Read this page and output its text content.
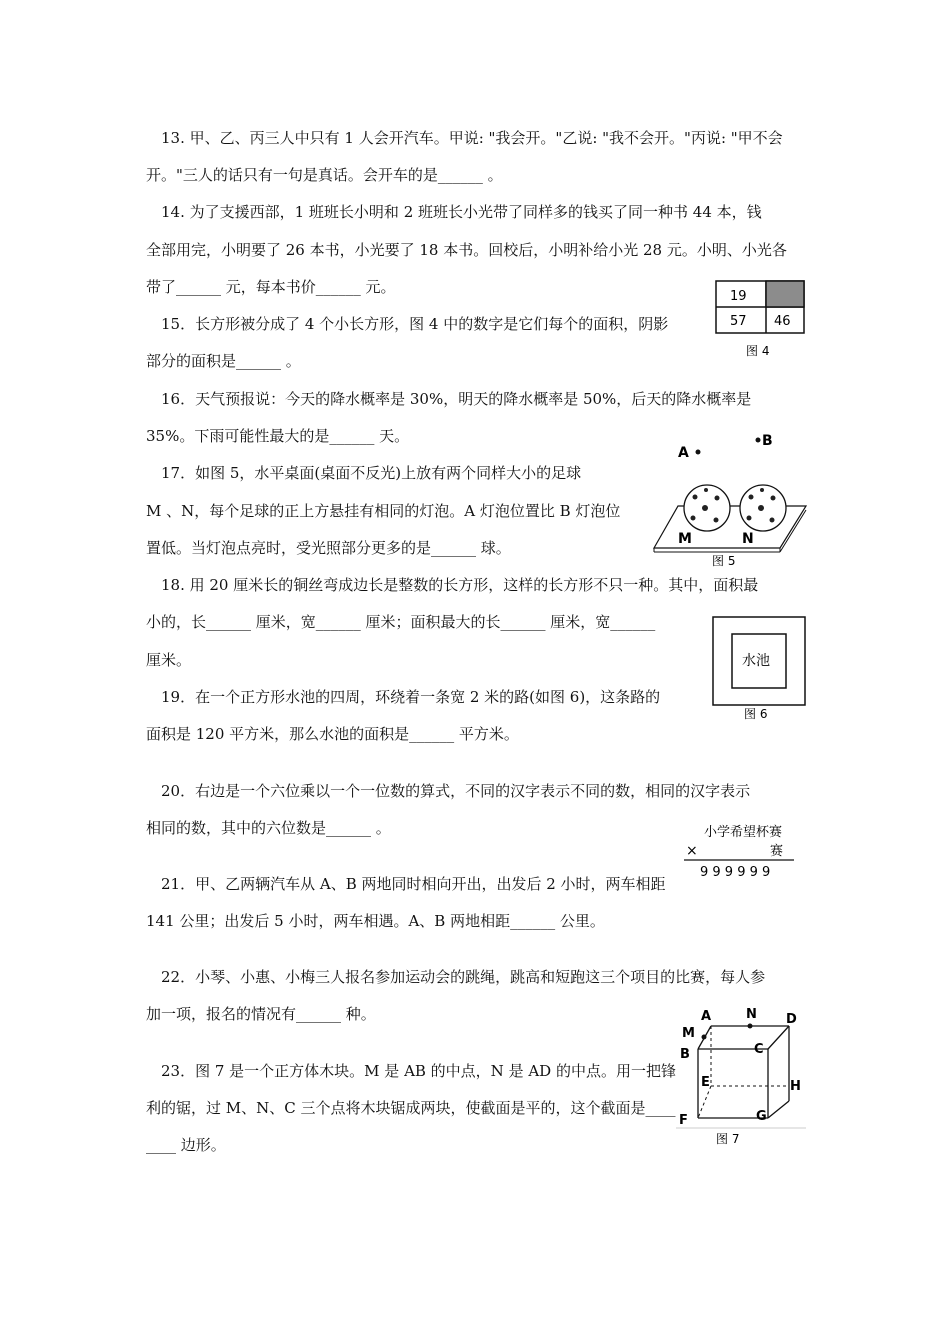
　13. 甲、乙、丙三人中只有 1 人会开汽车。甲说: "我会开。"乙说: "我不会开。"丙说: "甲不会
开。"三人的话只有一句是真话。会开车的是______ 。
　14. 为了支援西部，1 班班长小明和 2 班班长小光带了同样多的钱买了同一种书 44 本，钱
全部用完，小明要了 26 本书，小光要了 18 本书。回校后，小明补给小光 28 元。小明、小光各
带了______ 元，每本书价______ 元。
　15．长方形被分成了 4 个小长方形，图 4 中的数字是它们每个的面积，阴影
部分的面积是______ 。
　16．天气预报说：今天的降水概率是 30%，明天的降水概率是 50%，后天的降水概率是
35%。下雨可能性最大的是______ 天。
　17．如图 5，水平桌面(桌面不反光)上放有两个同样大小的足球
M 、N，每个足球的正上方悬挂有相同的灯泡。A 灯泡位置比 B 灯泡位
置低。当灯泡点亮时，受光照部分更多的是______ 球。
　18. 用 20 厘米长的铜丝弯成边长是整数的长方形，这样的长方形不只一种。其中，面积最
小的，长______ 厘米，宽______ 厘米；面积最大的长______ 厘米，宽______
厘米。
　19．在一个正方形水池的四周，环绕着一条宽 2 米的路(如图 6)，这条路的
面积是 120 平方米，那么水池的面积是______ 平方米。
　20．右边是一个六位乘以一个一位数的算式，不同的汉字表示不同的数，相同的汉字表示
相同的数，其中的六位数是______ 。
　21．甲、乙两辆汽车从 A、B 两地同时相向开出，出发后 2 小时，两车相距
141 公里；出发后 5 小时，两车相遇。A、B 两地相距______ 公里。
　22．小琴、小惠、小梅三人报名参加运动会的跳绳，跳高和短跑这三个项目的比赛，每人参
加一项，报名的情况有______ 种。
　23．图 7 是一个正方体木块。M 是 AB 的中点，N 是 AD 的中点。用一把锋
利的锯，过 M、N、C 三个点将木块锯成两块，使截面是平的，这个截面是____
____ 边形。
19
57 46
图 4
A
B
M	N
图 5
水池
图 6
小学希望杯赛
×	赛
9 9 9 9 9 9
A	N D
M
B	C
E	H
F	G
图 7
